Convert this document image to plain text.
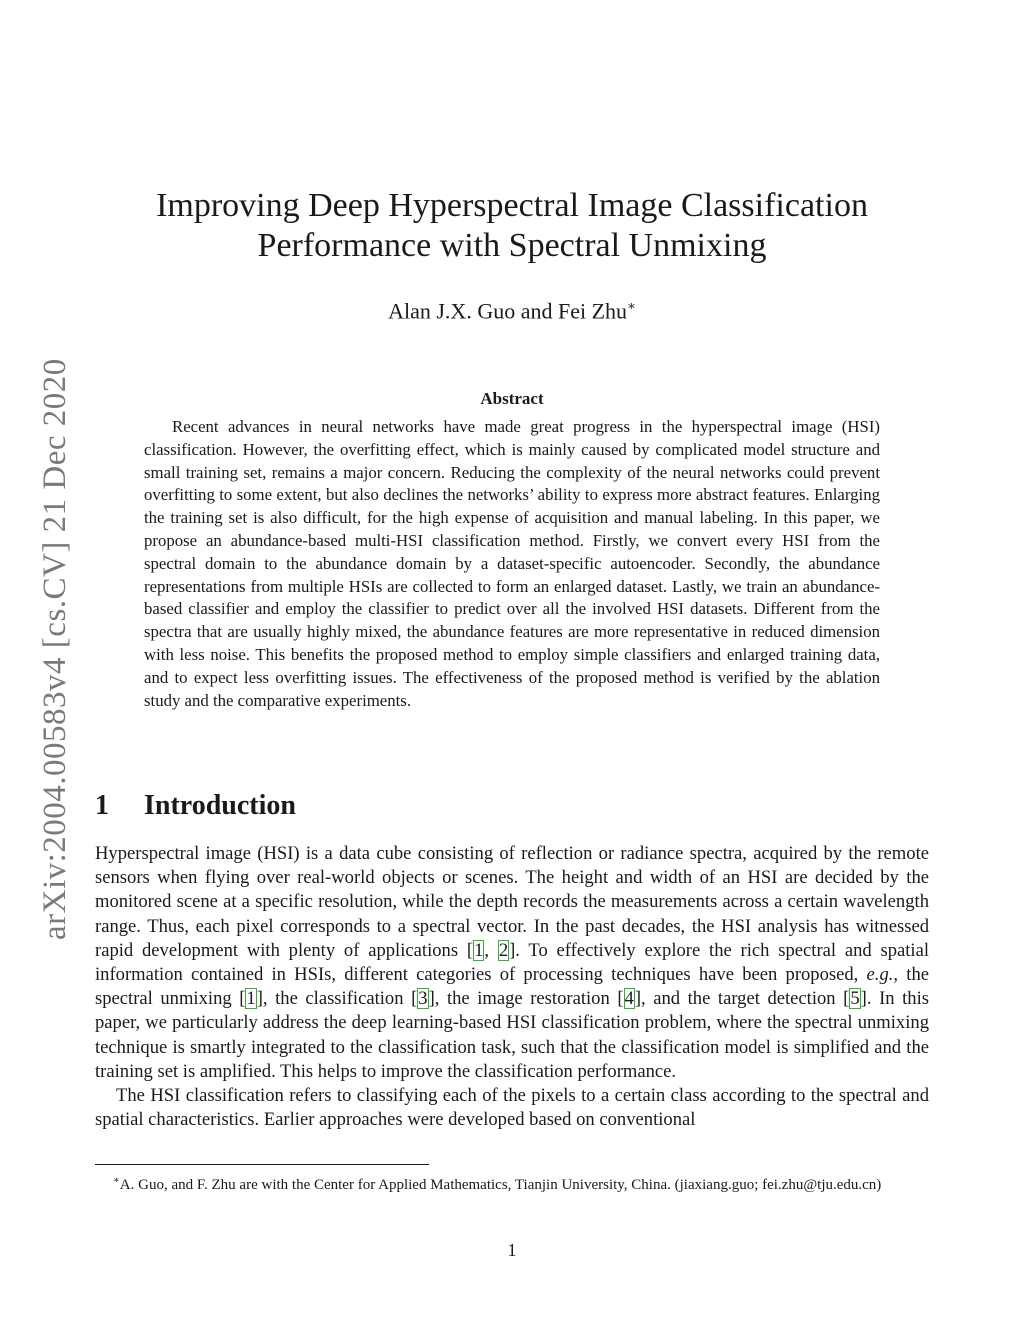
arXiv:2004.00583v4 [cs.CV] 21 Dec 2020
Improving Deep Hyperspectral Image Classification
Performance with Spectral Unmixing
Alan J.X. Guo and Fei Zhu∗
Abstract
Recent advances in neural networks have made great progress in the hyperspectral image (HSI) classification. However, the overfitting effect, which is mainly caused by complicated model structure and small training set, remains a major concern. Reducing the complexity of the neural networks could prevent overfitting to some extent, but also declines the networks’ ability to express more abstract features. Enlarging the training set is also difficult, for the high expense of acquisition and manual labeling. In this paper, we propose an abundance-based multi-HSI classification method. Firstly, we convert every HSI from the spectral domain to the abundance domain by a dataset-specific autoencoder. Secondly, the abundance representations from multiple HSIs are collected to form an enlarged dataset. Lastly, we train an abundance-based classifier and employ the classifier to predict over all the involved HSI datasets. Different from the spectra that are usually highly mixed, the abundance features are more representative in reduced dimension with less noise. This benefits the proposed method to employ simple classifiers and enlarged training data, and to expect less overfitting issues. The effectiveness of the proposed method is verified by the ablation study and the comparative experiments.
1 Introduction

Hyperspectral image (HSI) is a data cube consisting of reflection or radiance spectra, acquired by the remote sensors when flying over real-world objects or scenes. The height and width of an HSI are decided by the monitored scene at a specific resolution, while the depth records the measurements across a certain wavelength range. Thus, each pixel corresponds to a spectral vector. In the past decades, the HSI analysis has witnessed rapid development with plenty of applications [1, 2]. To effectively explore the rich spectral and spatial information contained in HSIs, different categories of processing techniques have been proposed, e.g., the spectral unmixing [1], the classification [3], the image restoration [4], and the target detection [5]. In this paper, we particularly address the deep learning-based HSI classification problem, where the spectral unmixing technique is smartly integrated to the classification task, such that the classification model is simplified and the training set is amplified. This helps to improve the classification performance.

The HSI classification refers to classifying each of the pixels to a certain class according to the spectral and spatial characteristics. Earlier approaches were developed based on conventional

∗A. Guo, and F. Zhu are with the Center for Applied Mathematics, Tianjin University, China. (jiaxiang.guo; fei.zhu@tju.edu.cn)
1
